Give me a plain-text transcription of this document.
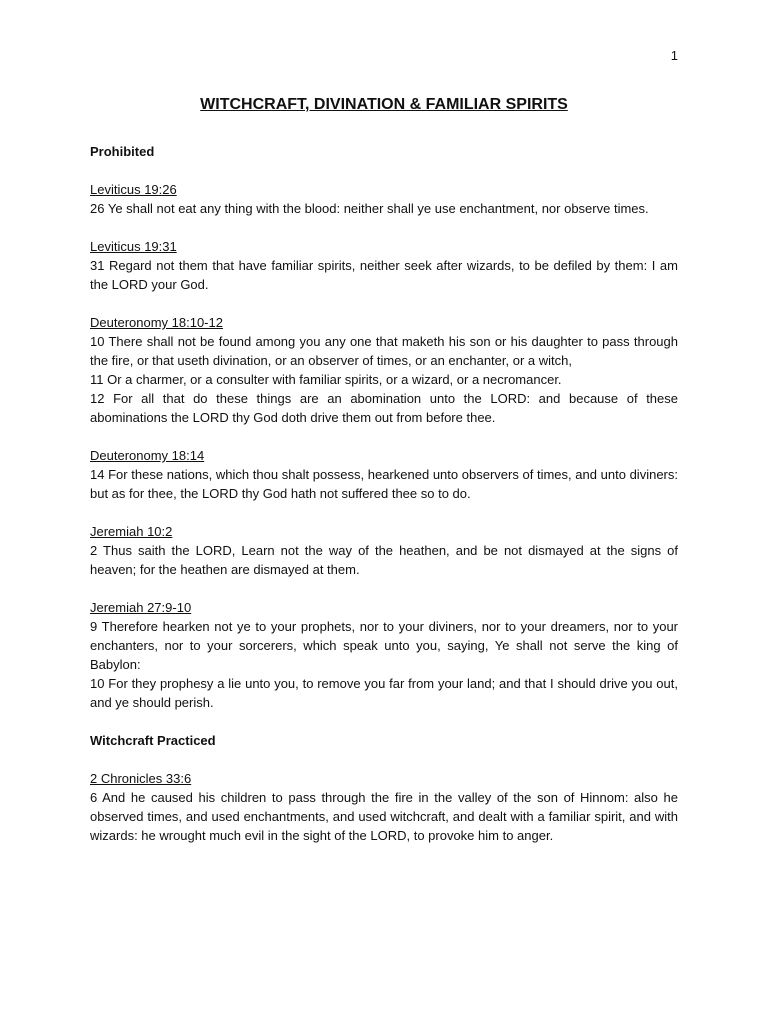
1
WITCHCRAFT, DIVINATION & FAMILIAR SPIRITS
Prohibited

Leviticus 19:26

26 Ye shall not eat any thing with the blood: neither shall ye use enchantment, nor observe times.

Leviticus 19:31

31 Regard not them that have familiar spirits, neither seek after wizards, to be defiled by them: I am the LORD your God.

Deuteronomy 18:10-12

10 There shall not be found among you any one that maketh his son or his daughter to pass through the fire, or that useth divination, or an observer of times, or an enchanter, or a witch,

11 Or a charmer, or a consulter with familiar spirits, or a wizard, or a necromancer.

12 For all that do these things are an abomination unto the LORD: and because of these abominations the LORD thy God doth drive them out from before thee.

Deuteronomy 18:14

14 For these nations, which thou shalt possess, hearkened unto observers of times, and unto diviners: but as for thee, the LORD thy God hath not suffered thee so to do.

Jeremiah 10:2

2 Thus saith the LORD, Learn not the way of the heathen, and be not dismayed at the signs of heaven; for the heathen are dismayed at them.

Jeremiah 27:9-10

9 Therefore hearken not ye to your prophets, nor to your diviners, nor to your dreamers, nor to your enchanters, nor to your sorcerers, which speak unto you, saying, Ye shall not serve the king of Babylon:

10 For they prophesy a lie unto you, to remove you far from your land; and that I should drive you out, and ye should perish.

Witchcraft Practiced

2 Chronicles 33:6

6 And he caused his children to pass through the fire in the valley of the son of Hinnom: also he observed times, and used enchantments, and used witchcraft, and dealt with a familiar spirit, and with wizards: he wrought much evil in the sight of the LORD, to provoke him to anger.
